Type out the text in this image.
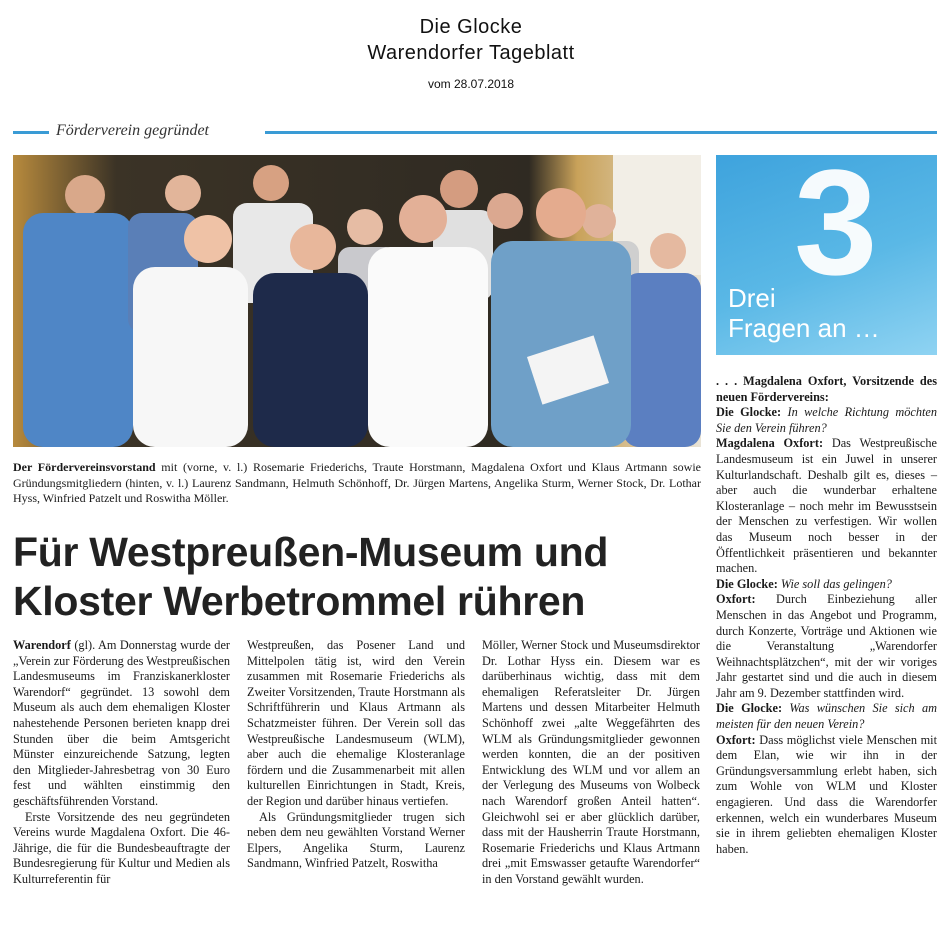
Die Glocke
Warendorfer Tageblatt
vom 28.07.2018
Förderverein gegründet
3
Drei
Fragen an …
Der Fördervereinsvorstand mit (vorne, v. l.) Rosemarie Friederichs, Traute Horstmann, Magdalena Oxfort und Klaus Artmann sowie Gründungsmitgliedern (hinten, v. l.) Laurenz Sandmann, Helmuth Schönhoff, Dr. Jürgen Martens, Angelika Sturm, Werner Stock, Dr. Lothar Hyss, Winfried Patzelt und Roswitha Möller.
Für Westpreußen-Museum und Kloster Werbetrommel rühren

Warendorf (gl). Am Donnerstag wurde der „Verein zur Förderung des Westpreußischen Landesmuseums im Franziskanerkloster Warendorf“ gegründet. 13 sowohl dem Museum als auch dem ehemaligen Kloster nahestehende Personen berieten knapp drei Stunden über die beim Amtsgericht Münster einzureichende Satzung, legten den Mitglieder-Jahresbetrag von 30 Euro fest und wählten einstimmig den geschäftsführenden Vorstand.

Erste Vorsitzende des neu gegründeten Vereins wurde Magdalena Oxfort. Die 46-Jährige, die für die Bundesbeauftragte der Bundesregierung für Kultur und Medien als Kulturreferentin für

Westpreußen, das Posener Land und Mittelpolen tätig ist, wird den Verein zusammen mit Rosemarie Friederichs als Zweiter Vorsitzenden, Traute Horstmann als Schriftführerin und Klaus Artmann als Schatzmeister führen. Der Verein soll das Westpreußische Landesmuseum (WLM), aber auch die ehemalige Klosteranlage fördern und die Zusammenarbeit mit allen kulturellen Einrichtungen in Stadt, Kreis, der Region und darüber hinaus vertiefen.

Als Gründungsmitglieder trugen sich neben dem neu gewählten Vorstand Werner Elpers, Angelika Sturm, Laurenz Sandmann, Winfried Patzelt, Roswitha

Möller, Werner Stock und Museumsdirektor Dr. Lothar Hyss ein. Diesem war es darüberhinaus wichtig, dass mit dem ehemaligen Referatsleiter Dr. Jürgen Martens und dessen Mitarbeiter Helmuth Schönhoff zwei „alte Weggefährten des WLM als Gründungsmitglieder gewonnen werden konnten, die an der positiven Entwicklung des WLM und vor allem an der Verlegung des Museums von Wolbeck nach Warendorf großen Anteil hatten“. Gleichwohl sei er aber glücklich darüber, dass mit der Hausherrin Traute Horstmann, Rosemarie Friederichs und Klaus Artmann drei „mit Emswasser getaufte Warendorfer“ in den Vorstand gewählt wurden.

. . . Magdalena Oxfort, Vorsitzende des neuen Fördervereins:

Die Glocke: In welche Richtung möchten Sie den Verein führen?

Magdalena Oxfort: Das Westpreußische Landesmuseum ist ein Juwel in unserer Kulturlandschaft. Deshalb gilt es, dieses – aber auch die wunderbar erhaltene Klosteranlage – noch mehr im Bewusstsein der Menschen zu verfestigen. Wir wollen das Museum noch besser in der Öffentlichkeit präsentieren und bekannter machen.

Die Glocke: Wie soll das gelingen?

Oxfort: Durch Einbeziehung aller Menschen in das Angebot und Programm, durch Konzerte, Vorträge und Aktionen wie die Veranstaltung „Warendorfer Weihnachtsplätzchen“, mit der wir voriges Jahr gestartet sind und die auch in diesem Jahr am 9. Dezember stattfinden wird.

Die Glocke: Was wünschen Sie sich am meisten für den neuen Verein?

Oxfort: Dass möglichst viele Menschen mit dem Elan, wie wir ihn in der Gründungsversammlung erlebt haben, sich zum Wohle von WLM und Kloster engagieren. Und dass die Warendorfer erkennen, welch ein wunderbares Museum sie in ihrem geliebten ehemaligen Kloster haben.
